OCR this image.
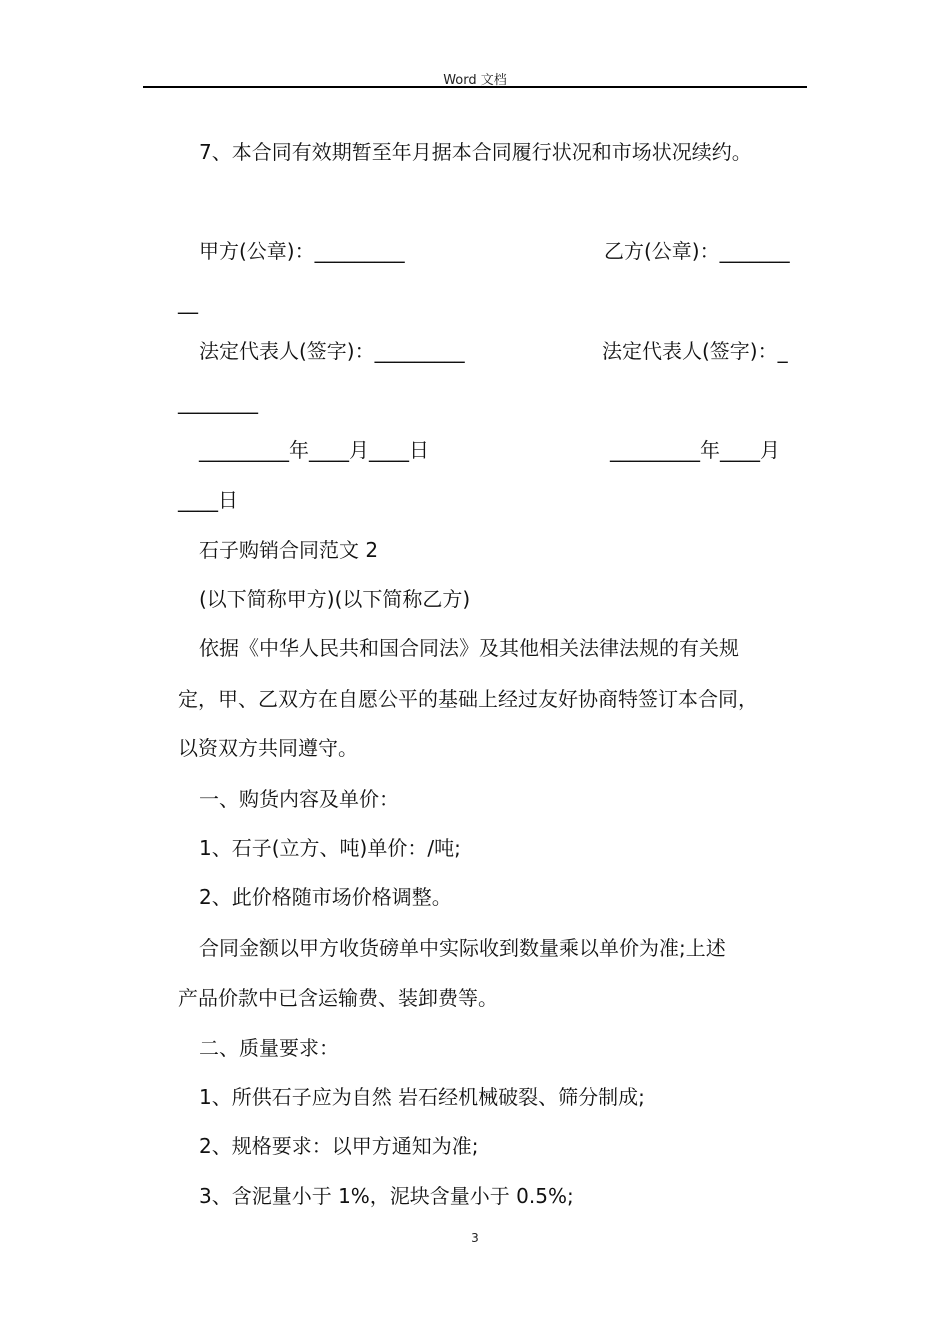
Word 文档
7、本合同有效期暂至年月据本合同履行状况和市场状况续约。
甲方(公章)：_________	乙方(公章)：_______
__
法定代表人(签字)：_________	法定代表人(签字)：_
________
_________年____月____日	_________年____月
____日
石子购销合同范文 2
(以下简称甲方)(以下简称乙方)
依据《中华人民共和国合同法》及其他相关法律法规的有关规
定，甲、乙双方在自愿公平的基础上经过友好协商特签订本合同，
以资双方共同遵守。
一、购货内容及单价：
1、石子(立方、吨)单价：/吨;
2、此价格随市场价格调整。
合同金额以甲方收货磅单中实际收到数量乘以单价为准;上述
产品价款中已含运输费、装卸费等。
二、质量要求：
1、所供石子应为自然 岩石经机械破裂、筛分制成;
2、规格要求：以甲方通知为准;
3、含泥量小于 1%，泥块含量小于 0.5%;
3
